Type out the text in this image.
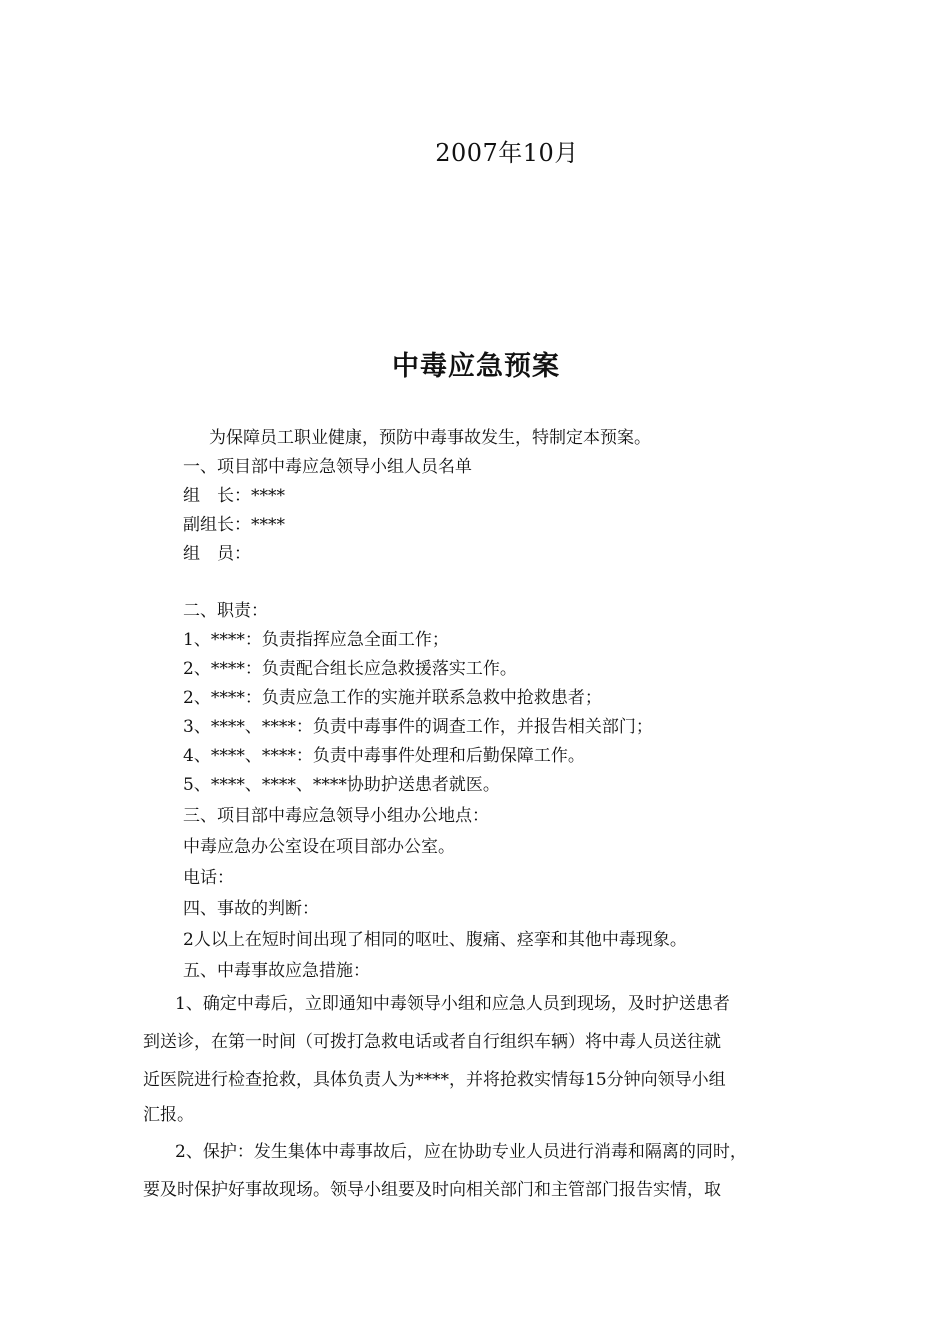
2007年10月
中毒应急预案
为保障员工职业健康，预防中毒事故发生，特制定本预案。
一、项目部中毒应急领导小组人员名单
组　长：****
副组长：****
组　员：
二、职责：
1、****：负责指挥应急全面工作；
2、****：负责配合组长应急救援落实工作。
2、****：负责应急工作的实施并联系急救中抢救患者；
3、****、****：负责中毒事件的调查工作，并报告相关部门；
4、****、****：负责中毒事件处理和后勤保障工作。
5、****、****、****协助护送患者就医。
三、项目部中毒应急领导小组办公地点：
中毒应急办公室设在项目部办公室。
电话：
四、事故的判断：
2人以上在短时间出现了相同的呕吐、腹痛、痉挛和其他中毒现象。
五、中毒事故应急措施：
1、确定中毒后，立即通知中毒领导小组和应急人员到现场，及时护送患者
到送诊，在第一时间（可拨打急救电话或者自行组织车辆）将中毒人员送往就
近医院进行检查抢救，具体负责人为****，并将抢救实情每15分钟向领导小组
汇报。
2、保护：发生集体中毒事故后，应在协助专业人员进行消毒和隔离的同时，
要及时保护好事故现场。领导小组要及时向相关部门和主管部门报告实情，取
